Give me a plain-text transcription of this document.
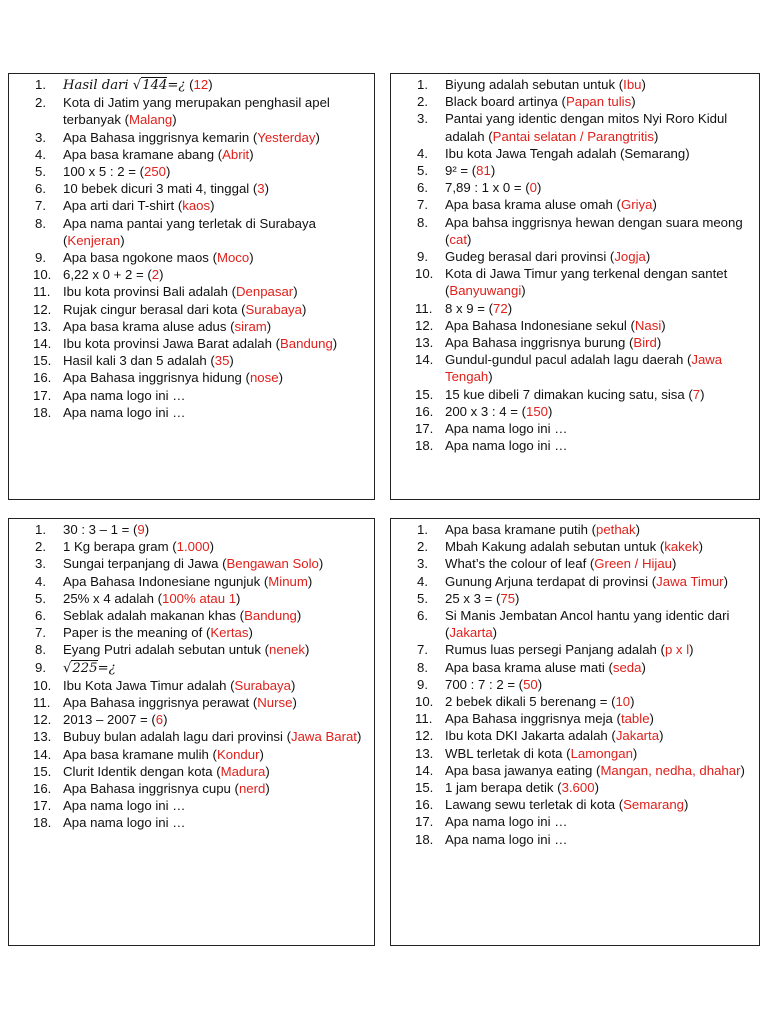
1. Hasil dari √144=¿ (12)
2. Kota di Jatim yang merupakan penghasil apel terbanyak (Malang)
3. Apa Bahasa inggrisnya kemarin (Yesterday)
4. Apa basa kramane abang (Abrit)
5. 100 x 5 : 2 = (250)
6. 10 bebek dicuri 3 mati 4, tinggal (3)
7. Apa arti dari T-shirt (kaos)
8. Apa nama pantai yang terletak di Surabaya (Kenjeran)
9. Apa basa ngokone maos (Moco)
10. 6,22 x 0 + 2 = (2)
11. Ibu kota provinsi Bali adalah (Denpasar)
12. Rujak cingur berasal dari kota (Surabaya)
13. Apa basa krama aluse adus (siram)
14. Ibu kota provinsi Jawa Barat adalah (Bandung)
15. Hasil kali 3 dan 5 adalah (35)
16. Apa Bahasa inggrisnya hidung (nose)
17. Apa nama logo ini …
18. Apa nama logo ini …
1. Biyung adalah sebutan untuk (Ibu)
2. Black board artinya (Papan tulis)
3. Pantai yang identic dengan mitos Nyi Roro Kidul adalah (Pantai selatan / Parangtritis)
4. Ibu kota Jawa Tengah adalah (Semarang)
5. 9² = (81)
6. 7,89 : 1 x 0 = (0)
7. Apa basa krama aluse omah (Griya)
8. Apa bahsa inggrisnya hewan dengan suara meong (cat)
9. Gudeg berasal dari provinsi (Jogja)
10. Kota di Jawa Timur yang terkenal dengan santet (Banyuwangi)
11. 8 x 9 = (72)
12. Apa Bahasa Indonesiane sekul (Nasi)
13. Apa Bahasa inggrisnya burung (Bird)
14. Gundul-gundul pacul adalah lagu daerah (Jawa Tengah)
15. 15 kue dibeli 7 dimakan kucing satu, sisa (7)
16. 200 x 3 : 4 = (150)
17. Apa nama logo ini …
18. Apa nama logo ini …
1. 30 : 3 – 1 = (9)
2. 1 Kg berapa gram (1.000)
3. Sungai terpanjang di Jawa (Bengawan Solo)
4. Apa Bahasa Indonesiane ngunjuk (Minum)
5. 25% x 4 adalah (100% atau 1)
6. Seblak adalah makanan khas (Bandung)
7. Paper is the meaning of (Kertas)
8. Eyang Putri adalah sebutan untuk (nenek)
9. √225=¿
10. Ibu Kota Jawa Timur adalah (Surabaya)
11. Apa Bahasa inggrisnya perawat (Nurse)
12. 2013 – 2007 = (6)
13. Bubuy bulan adalah lagu dari provinsi (Jawa Barat)
14. Apa basa kramane mulih (Kondur)
15. Clurit Identik dengan kota (Madura)
16. Apa Bahasa inggrisnya cupu (nerd)
17. Apa nama logo ini …
18. Apa nama logo ini …
1. Apa basa kramane putih (pethak)
2. Mbah Kakung adalah sebutan untuk (kakek)
3. What’s the colour of leaf (Green / Hijau)
4. Gunung Arjuna terdapat di provinsi (Jawa Timur)
5. 25 x 3 = (75)
6. Si Manis Jembatan Ancol hantu yang identic dari (Jakarta)
7. Rumus luas persegi Panjang adalah (p x l)
8. Apa basa krama aluse mati (seda)
9. 700 : 7 : 2 = (50)
10. 2 bebek dikali 5 berenang = (10)
11. Apa Bahasa inggrisnya meja (table)
12. Ibu kota DKI Jakarta adalah (Jakarta)
13. WBL terletak di kota (Lamongan)
14. Apa basa jawanya eating (Mangan, nedha, dhahar)
15. 1 jam berapa detik (3.600)
16. Lawang sewu terletak di kota (Semarang)
17. Apa nama logo ini …
18. Apa nama logo ini …
